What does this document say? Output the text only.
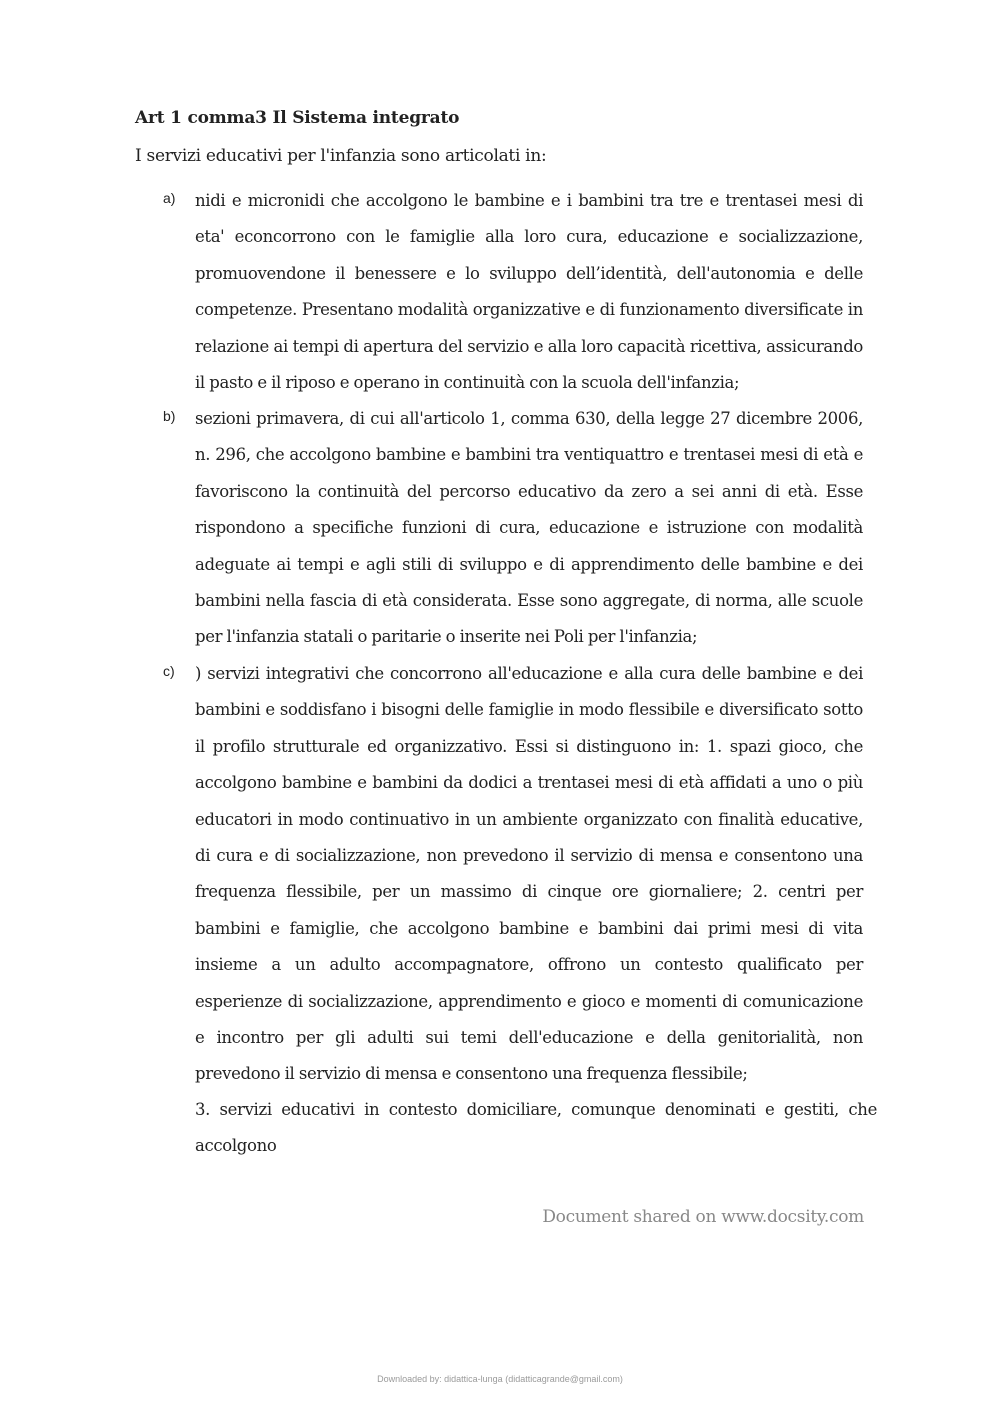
Art 1 comma3 Il Sistema integrato

I servizi educativi per l'infanzia sono articolati in:

a) nidi e micronidi che accolgono le bambine e i bambini tra tre e trentasei mesi di eta' econcorrono con le famiglie alla loro cura, educazione e socializzazione, promuovendone il benessere e lo sviluppo dell’identità, dell'autonomia e delle competenze. Presentano modalità organizzative e di funzionamento diversificate in relazione ai tempi di apertura del servizio e alla loro capacità ricettiva, assicurando il pasto e il riposo e operano in continuità con la scuola dell'infanzia;

b) sezioni primavera, di cui all'articolo 1, comma 630, della legge 27 dicembre 2006, n. 296, che accolgono bambine e bambini tra ventiquattro e trentasei mesi di età e favoriscono la continuità del percorso educativo da zero a sei anni di età. Esse rispondono a specifiche funzioni di cura, educazione e istruzione con modalità adeguate ai tempi e agli stili di sviluppo e di apprendimento delle bambine e dei bambini nella fascia di età considerata. Esse sono aggregate, di norma, alle scuole per l'infanzia statali o paritarie o inserite nei Poli per l'infanzia;

c) ) servizi integrativi che concorrono all'educazione e alla cura delle bambine e dei bambini e soddisfano i bisogni delle famiglie in modo flessibile e diversificato sotto il profilo strutturale ed organizzativo. Essi si distinguono in: 1. spazi gioco, che accolgono bambine e bambini da dodici a trentasei mesi di età affidati a uno o più educatori in modo continuativo in un ambiente organizzato con finalità educative, di cura e di socializzazione, non prevedono il servizio di mensa e consentono una frequenza flessibile, per un massimo di cinque ore giornaliere; 2. centri per bambini e famiglie, che accolgono bambine e bambini dai primi mesi di vita insieme a un adulto accompagnatore, offrono un contesto qualificato per esperienze di socializzazione, apprendimento e gioco e momenti di comunicazione e incontro per gli adulti sui temi dell'educazione e della genitorialità, non prevedono il servizio di mensa e consentono una frequenza flessibile;

3. servizi educativi in contesto domiciliare, comunque denominati e gestiti, che accolgono

Document shared on www.docsity.com

Downloaded by: didattica-lunga (didatticagrande@gmail.com)
